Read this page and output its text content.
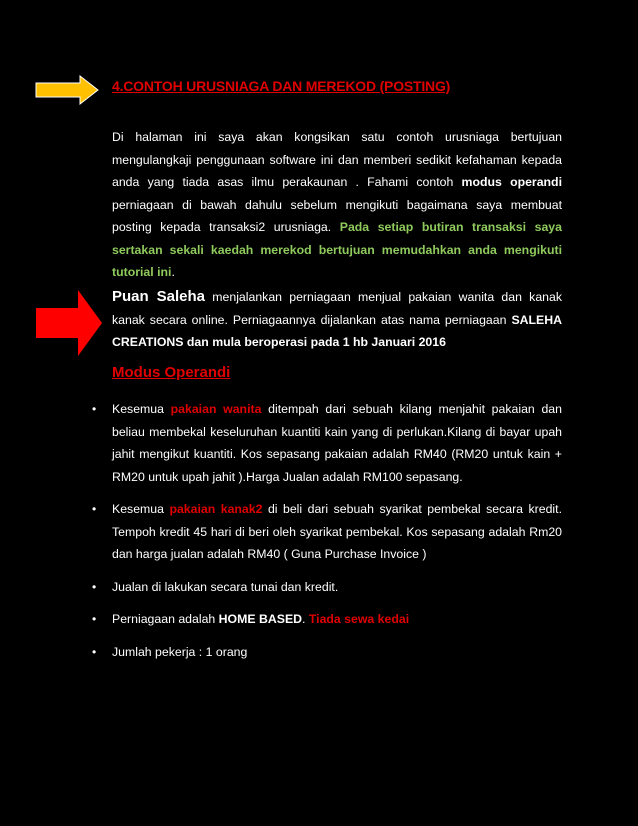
4.CONTOH URUSNIAGA DAN MEREKOD (POSTING)

Di halaman ini saya akan kongsikan satu contoh urusniaga bertujuan mengulangkaji penggunaan software ini dan memberi sedikit kefahaman kepada anda yang tiada asas ilmu perakaunan . Fahami contoh modus operandi perniagaan di bawah dahulu sebelum mengikuti bagaimana saya membuat posting kepada transaksi2 urusniaga. Pada setiap butiran transaksi saya sertakan sekali kaedah merekod bertujuan memudahkan anda mengikuti tutorial ini.

Puan Saleha menjalankan perniagaan menjual pakaian wanita dan kanak kanak secara online. Perniagaannya dijalankan atas nama perniagaan SALEHA CREATIONS dan mula beroperasi pada 1 hb Januari 2016

Modus Operandi
• Kesemua pakaian wanita ditempah dari sebuah kilang menjahit pakaian dan beliau membekal keseluruhan kuantiti kain yang di perlukan.Kilang di bayar upah jahit mengikut kuantiti. Kos sepasang pakaian adalah RM40 (RM20 untuk kain + RM20 untuk upah jahit ).Harga Jualan adalah RM100 sepasang.
• Kesemua pakaian kanak2 di beli dari sebuah syarikat pembekal secara kredit. Tempoh kredit 45 hari di beri oleh syarikat pembekal. Kos sepasang adalah Rm20 dan harga jualan adalah RM40 ( Guna Purchase Invoice )
• Jualan di lakukan secara tunai dan kredit.
• Perniagaan adalah HOME BASED. Tiada sewa kedai
• Jumlah pekerja : 1 orang
